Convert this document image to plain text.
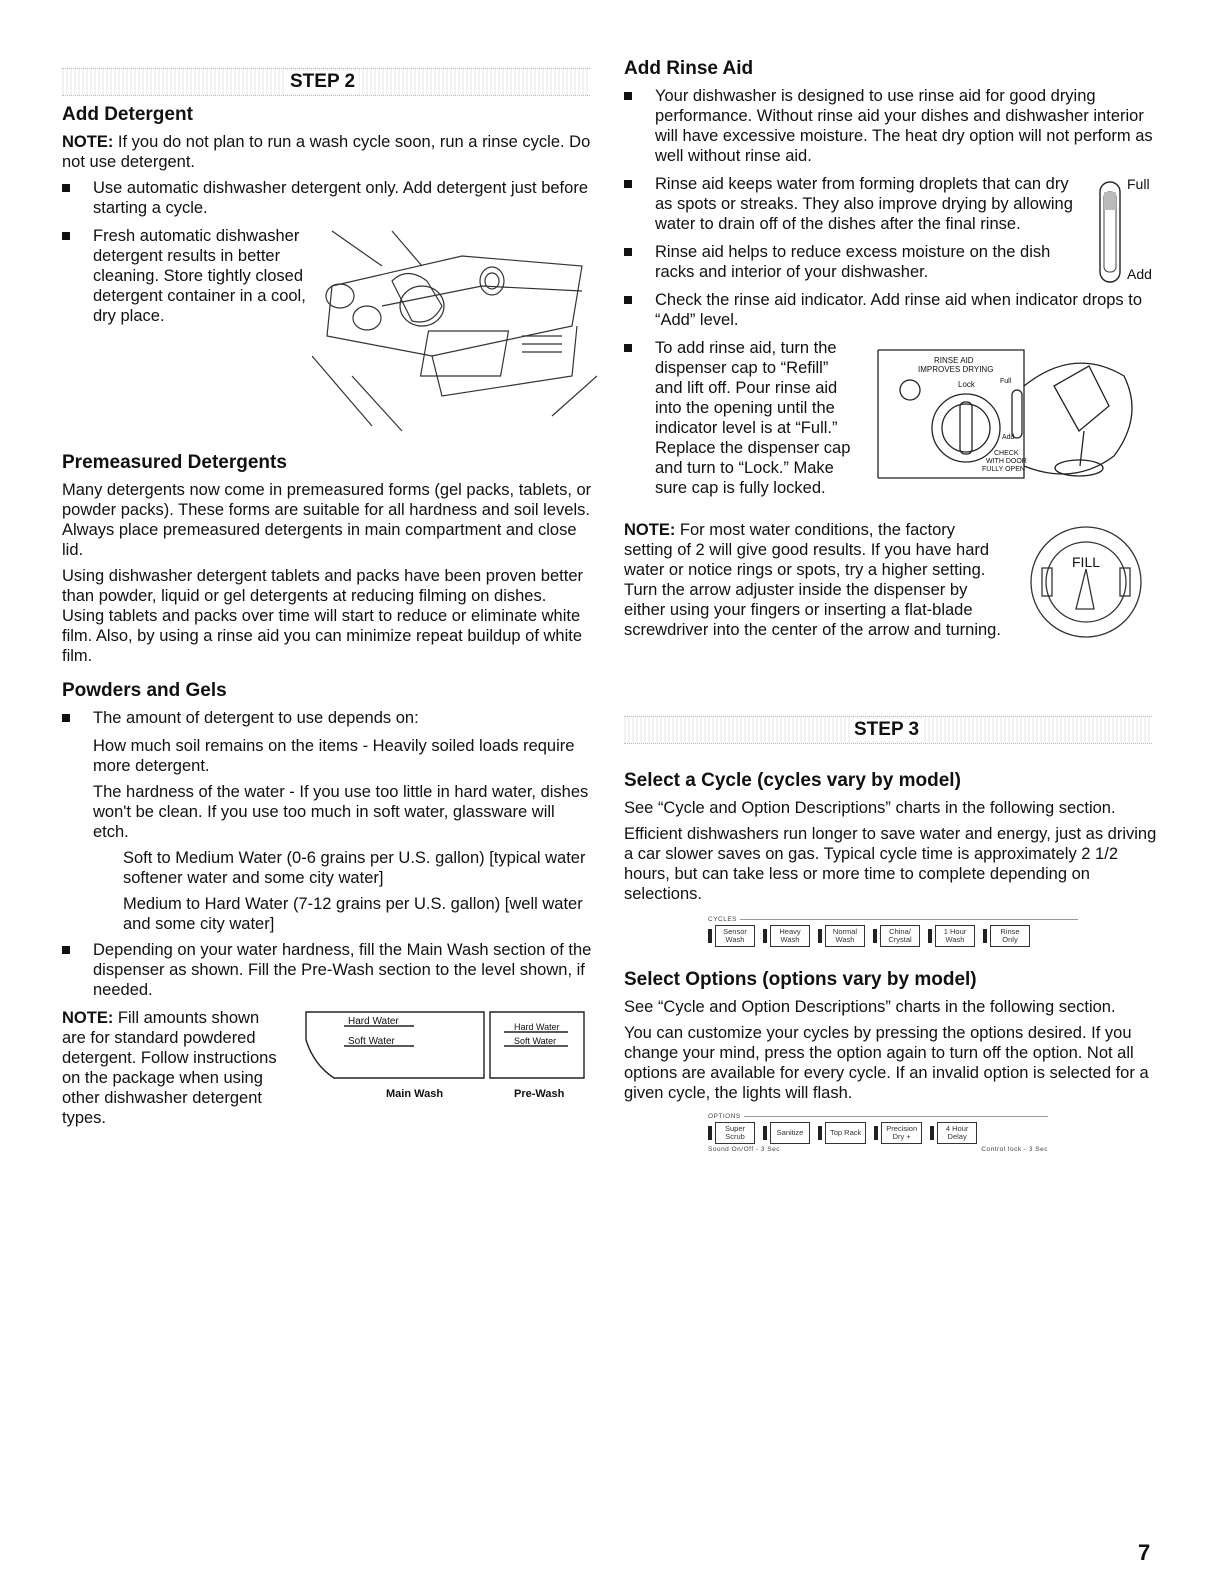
STEP 2
Add Detergent

NOTE: If you do not plan to run a wash cycle soon, run a rinse cycle. Do not use detergent.

Use automatic dishwasher detergent only. Add detergent just before starting a cycle.
Fresh automatic dishwasher detergent results in better cleaning. Store tightly closed detergent container in a cool, dry place.
Premeasured Detergents

Many detergents now come in premeasured forms (gel packs, tablets, or powder packs). These forms are suitable for all hardness and soil levels. Always place premeasured detergents in main compartment and close lid.

Using dishwasher detergent tablets and packs have been proven better than powder, liquid or gel detergents at reducing filming on dishes. Using tablets and packs over time will start to reduce or eliminate white film. Also, by using a rinse aid you can minimize repeat buildup of white film.

Powders and Gels
The amount of detergent to use depends on:

How much soil remains on the items - Heavily soiled loads require more detergent.

The hardness of the water - If you use too little in hard water, dishes won't be clean. If you use too much in soft water, glassware will etch.

Soft to Medium Water (0-6 grains per U.S. gallon) [typical water softener water and some city water]

Medium to Hard Water (7-12 grains per U.S. gallon) [well water and some city water]

Depending on your water hardness, fill the Main Wash section of the dispenser as shown. Fill the Pre-Wash section to the level shown, if needed.

NOTE: Fill amounts shown are for standard powdered detergent. Follow instructions on the package when using other dishwasher detergent types.

Hard Water
Soft Water
Hard Water
Soft Water
Main Wash	Pre-Wash
Add Rinse Aid
Your dishwasher is designed to use rinse aid for good drying performance. Without rinse aid your dishes and dishwasher interior will have excessive moisture. The heat dry option will not perform as well without rinse aid.
Rinse aid keeps water from forming droplets that can dry as spots or streaks. They also improve drying by allowing water to drain off of the dishes after the final rinse.
Rinse aid helps to reduce excess moisture on the dish racks and interior of your dishwasher.
Full
Add
Check the rinse aid indicator. Add rinse aid when indicator drops to “Add” level.
To add rinse aid, turn the dispenser cap to “Refill” and lift off. Pour rinse aid into the opening until the indicator level is at “Full.” Replace the dispenser cap and turn to “Lock.” Make sure cap is fully locked.
RINSE AID
IMPROVES DRYING
Lock	Full
Add
CHECK
WITH DOOR
FULLY OPEN

NOTE: For most water conditions, the factory setting of 2 will give good results. If you have hard water or notice rings or spots, try a higher setting. Turn the arrow adjuster inside the dispenser by either using your fingers or inserting a flat-blade screwdriver into the center of the arrow and turning.

FILL
STEP 3
Select a Cycle (cycles vary by model)

See “Cycle and Option Descriptions” charts in the following section.

Efficient dishwashers run longer to save water and energy, just as driving a car slower saves on gas. Typical cycle time is approximately 2 1/2 hours, but can take less or more time to complete depending on selections.

CYCLES
Sensor
Wash
Heavy
Wash
Normal
Wash
China/
Crystal
1 Hour
Wash
Rinse
Only
Select Options (options vary by model)

See “Cycle and Option Descriptions” charts in the following section.

You can customize your cycles by pressing the options desired. If you change your mind, press the option again to turn off the option. Not all options are available for every cycle. If an invalid option is selected for a given cycle, the lights will flash.

OPTIONS
Super
Scrub	Sanitize	Top Rack	Precision
Dry +
4 Hour
Delay
Sound On/Off - 3 Sec	Control lock - 3 Sec
7
